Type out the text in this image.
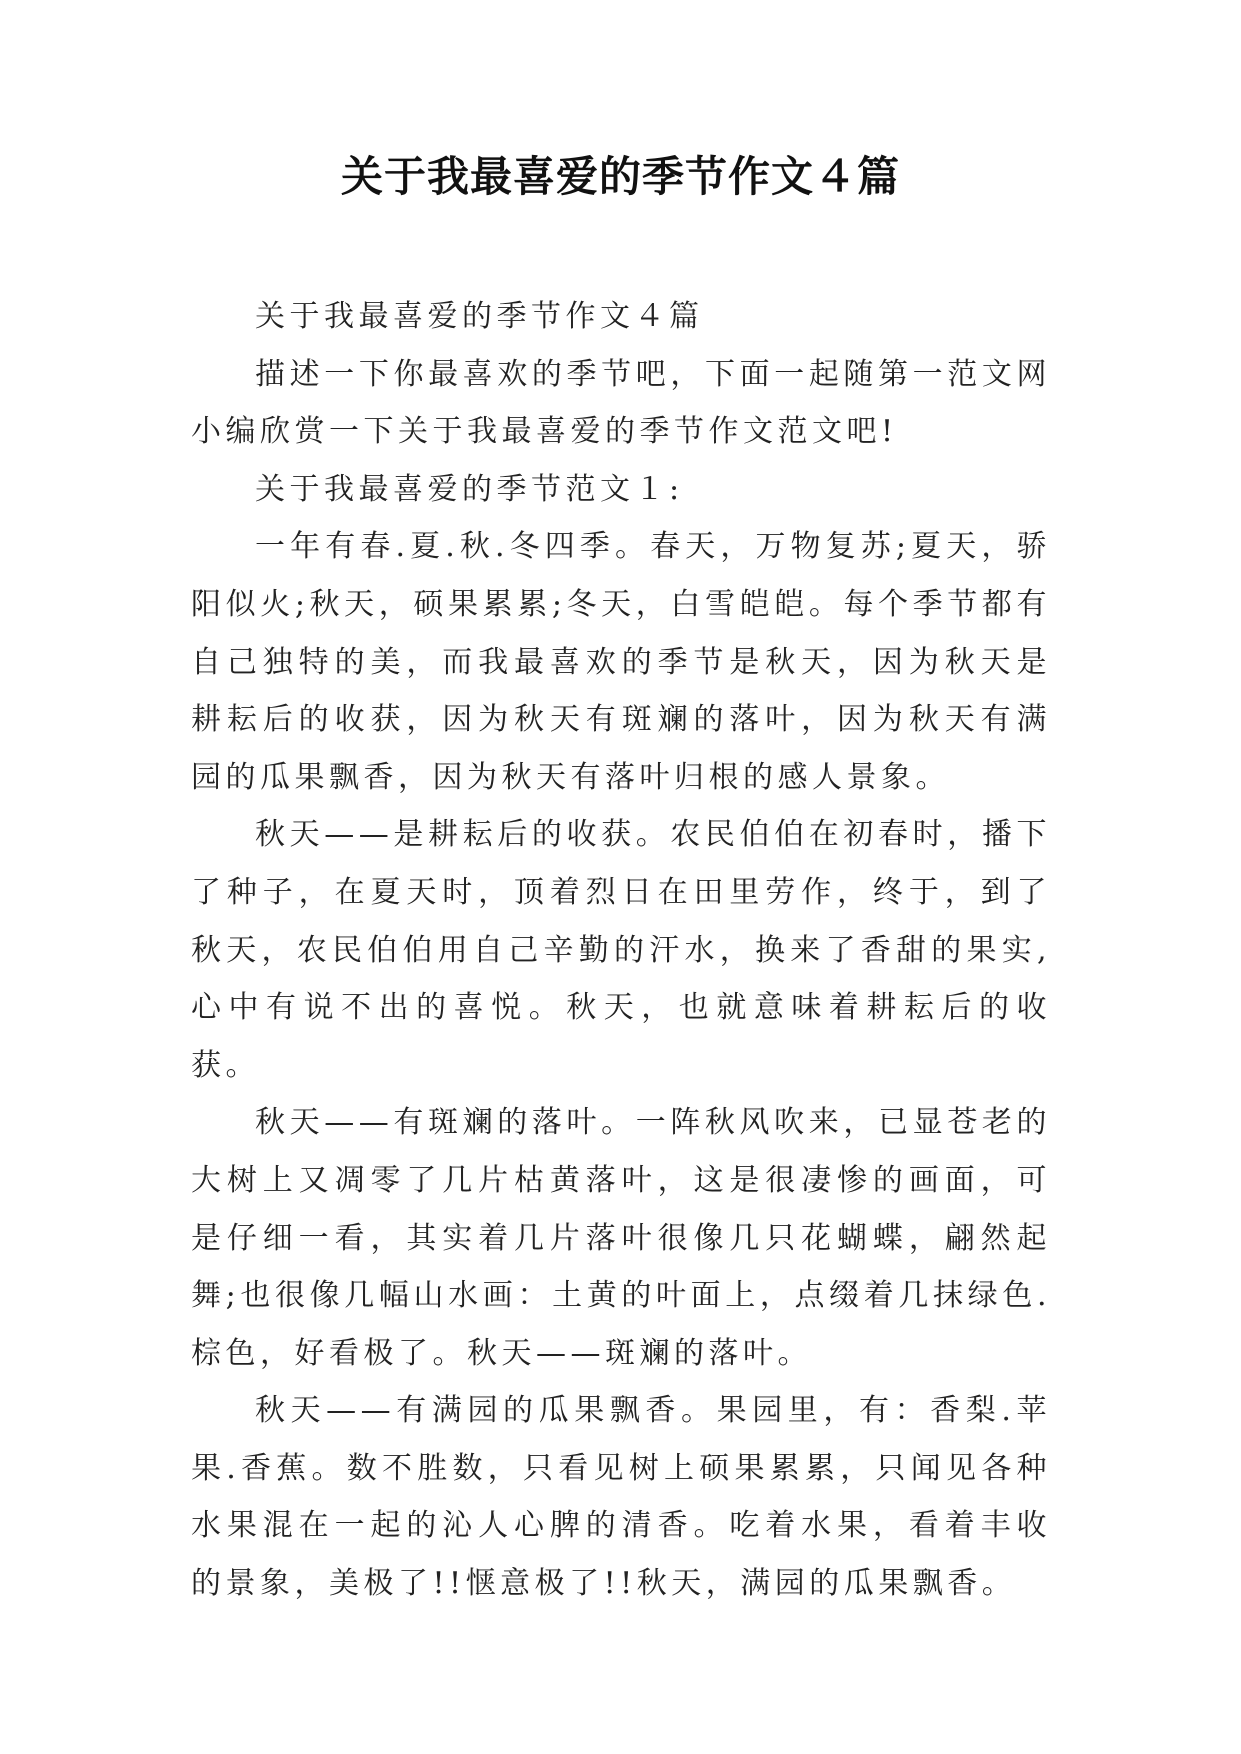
关于我最喜爱的季节作文４篇

关于我最喜爱的季节作文４篇

描述一下你最喜欢的季节吧，下面一起随第一范文网小编欣赏一下关于我最喜爱的季节作文范文吧!

关于我最喜爱的季节范文１:

一年有春.夏.秋.冬四季。春天，万物复苏;夏天，骄阳似火;秋天，硕果累累;冬天，白雪皑皑。每个季节都有自己独特的美，而我最喜欢的季节是秋天，因为秋天是耕耘后的收获，因为秋天有斑斓的落叶，因为秋天有满园的瓜果飘香，因为秋天有落叶归根的感人景象。

秋天——是耕耘后的收获。农民伯伯在初春时，播下了种子，在夏天时，顶着烈日在田里劳作，终于，到了秋天，农民伯伯用自己辛勤的汗水，换来了香甜的果实,心中有说不出的喜悦。秋天，也就意味着耕耘后的收获。

秋天——有斑斓的落叶。一阵秋风吹来，已显苍老的大树上又凋零了几片枯黄落叶，这是很凄惨的画面，可是仔细一看，其实着几片落叶很像几只花蝴蝶，翩然起舞;也很像几幅山水画：土黄的叶面上，点缀着几抹绿色.棕色，好看极了。秋天——斑斓的落叶。

秋天——有满园的瓜果飘香。果园里，有：香梨.苹果.香蕉。数不胜数，只看见树上硕果累累，只闻见各种水果混在一起的沁人心脾的清香。吃着水果，看着丰收的景象，美极了!!惬意极了!!秋天，满园的瓜果飘香。
